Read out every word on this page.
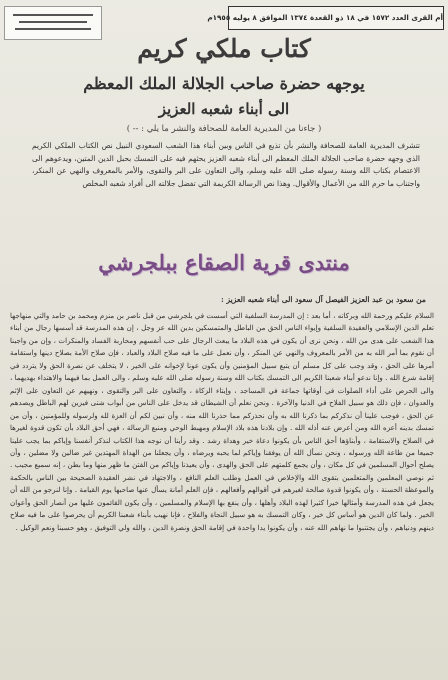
أم القرى العدد ١٥٧٢ في ١٨ ذو القعدة ١٣٧٤ الموافق ٨ يوليه ١٩٥٥م
كتاب ملكي كريم
يوجهه حضرة صاحب الجلالة الملك المعظم
الى أبناء شعبه العزيز
( جاءنا من المديرية العامة للصحافة والنشر ما يلي : -- )
تتشرف المديرية العامة للصحافة والنشر بأن تذيع في الناس وبين أبناء هذا الشعب السعودي النبيل نص الكتاب الملكي الكريم الذي وجهه حضرة صاحب الجلالة الملك المعظم الى أبناء شعبه العزيز يحثهم فيه على التمسك بحبل الدين المتين، ويدعوهم الى الاعتصام بكتاب الله وسنة رسوله صلى الله عليه وسلم، والى التعاون على البر والتقوى، والأمر بالمعروف والنهي عن المنكر، واجتناب ما حرم الله من الأعمال والأقوال. وهذا نص الرسالة الكريمة التي تفضل جلالته الى أفراد شعبه المخلص
منتدى قرية الصقاع ببلجرشي
من سعود بن عبد العزيز الفيصل آل سعود الى أبناء شعبه العزيز :

السلام عليكم ورحمة الله وبركاته ، أما بعد : إن المدرسة السلفية التي أسست في بلجرشي من قبل ناصر بن منزم ومحمد بن حامد والتي منهاجها تعلم الدين الإسلامي والعقيدة السلفية وإيواء الناس الحق من الباطل والمتمسكين بدين الله عز وجل ، إن هذه المدرسة قد أسسها رجال من أبناء هذا الشعب على هدى من الله ، ونحن نرى أن يكون في هذه البلاد ما يبعث الرجال على حب أنفسهم ومحاربة الفساد والمنكرات ، وإن من واجبنا أن نقوم بما أمر الله به من الأمر بالمعروف والنهي عن المنكر ، وأن نعمل على ما فيه صلاح البلاد والعباد ، فإن صلاح الأمة بصلاح دينها واستقامة أمرها على الحق ، وقد وجب على كل مسلم أن يتبع سبيل المؤمنين وأن يكون عونا لإخوانه على الخير ، لا يتخلف عن نصرة الحق ولا يتردد في إقامة شرع الله . وإنا ندعو أبناء شعبنا الكريم الى التمسك بكتاب الله وسنة رسوله صلى الله عليه وسلم ، والى العمل بما فيهما والاهتداء بهديهما ، والى الحرص على أداء الصلوات في أوقاتها جماعة في المساجد ، وإيتاء الزكاة ، والتعاون على البر والتقوى ، ونهيهم عن التعاون على الإثم والعدوان ، فإن ذلك هو سبيل الفلاح في الدنيا والآخرة . ونحن نعلم أن الشيطان قد يدخل على الناس من أبواب شتى فيزين لهم الباطل ويصدهم عن الحق ، فوجب علينا أن نذكركم بما ذكرنا الله به وأن نحذركم مما حذرنا الله منه ، وأن نبين لكم أن العزة لله ولرسوله وللمؤمنين ، وأن من تمسك بدينه أعزه الله ومن أعرض عنه أذله الله . وإن بلادنا هذه بلاد الإسلام ومهبط الوحي ومنبع الرسالة ، فهي أحق البلاد بأن تكون قدوة لغيرها في الصلاح والاستقامة ، وأبناؤها أحق الناس بأن يكونوا دعاة خير وهداة رشد . وقد رأينا أن نوجه هذا الكتاب لنذكر أنفسنا وإياكم بما يجب علينا جميعا من طاعة الله ورسوله ، ونحن نسأل الله أن يوفقنا وإياكم لما يحبه ويرضاه ، وأن يجعلنا من الهداة المهتدين غير ضالين ولا مضلين ، وأن يصلح أحوال المسلمين في كل مكان ، وأن يجمع كلمتهم على الحق والهدى ، وأن يعيذنا وإياكم من الفتن ما ظهر منها وما بطن ، إنه سميع مجيب . ثم نوصي المعلمين والمتعلمين بتقوى الله والإخلاص في العمل وطلب العلم النافع ، والاجتهاد في نشر العقيدة الصحيحة بين الناس بالحكمة والموعظة الحسنة ، وأن يكونوا قدوة صالحة لغيرهم في أقوالهم وأفعالهم ، فإن العلم أمانة يسأل عنها صاحبها يوم القيامة . وإنا لنرجو من الله أن يجعل في هذه المدرسة وأمثالها خيرا كثيرا لهذه البلاد وأهلها ، وأن ينفع بها الإسلام والمسلمين ، وأن يكون القائمون عليها من أنصار الحق وأعوان الخير . ولما كان الدين هو أساس كل خير ، وكان التمسك به هو سبيل النجاة والفلاح ، فإنا نهيب بأبناء شعبنا الكريم أن يحرصوا على ما فيه صلاح دينهم ودنياهم ، وأن يجتنبوا ما نهاهم الله عنه ، وأن يكونوا يدا واحدة في إقامة الحق ونصرة الدين ، والله ولي التوفيق ، وهو حسبنا ونعم الوكيل .
